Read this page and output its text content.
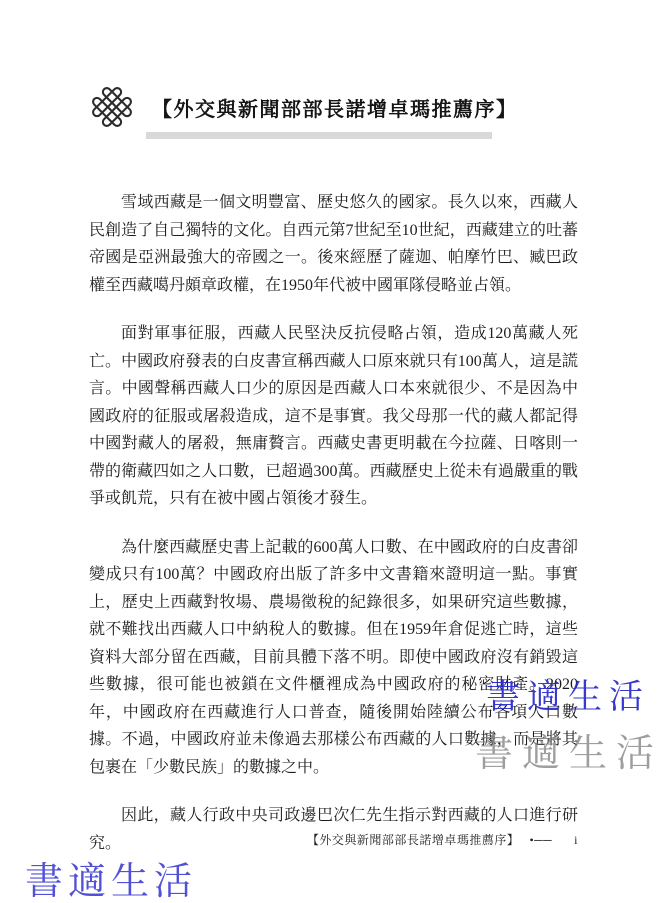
【外交與新聞部部長諾增卓瑪推薦序】

雪域西藏是一個文明豐富、歷史悠久的國家。長久以來，西藏人民創造了自己獨特的文化。自西元第7世紀至10世紀，西藏建立的吐蕃帝國是亞洲最強大的帝國之一。後來經歷了薩迦、帕摩竹巴、臧巴政權至西藏噶丹頗章政權，在1950年代被中國軍隊侵略並占領。

面對軍事征服，西藏人民堅決反抗侵略占領，造成120萬藏人死亡。中國政府發表的白皮書宣稱西藏人口原來就只有100萬人，這是謊言。中國聲稱西藏人口少的原因是西藏人口本來就很少、不是因為中國政府的征服或屠殺造成，這不是事實。我父母那一代的藏人都記得中國對藏人的屠殺，無庸贅言。西藏史書更明載在今拉薩、日喀則一帶的衛藏四如之人口數，已超過300萬。西藏歷史上從未有過嚴重的戰爭或飢荒，只有在被中國占領後才發生。

為什麼西藏歷史書上記載的600萬人口數、在中國政府的白皮書卻變成只有100萬？中國政府出版了許多中文書籍來證明這一點。事實上，歷史上西藏對牧場、農場徵稅的紀錄很多，如果研究這些數據，就不難找出西藏人口中納稅人的數據。但在1959年倉促逃亡時，這些資料大部分留在西藏，目前具體下落不明。即使中國政府沒有銷毀這些數據，很可能也被鎖在文件櫃裡成為中國政府的秘密財產。2020年，中國政府在西藏進行人口普查，隨後開始陸續公布各項人口數據。不過，中國政府並未像過去那樣公布西藏的人口數據，而是將其包裹在「少數民族」的數據之中。

因此，藏人行政中央司政邊巴次仁先生指示對西藏的人口進行研究。

書適生活
書適生活
書適生活
【外交與新聞部部長諾增卓瑪推薦序】 •── i
